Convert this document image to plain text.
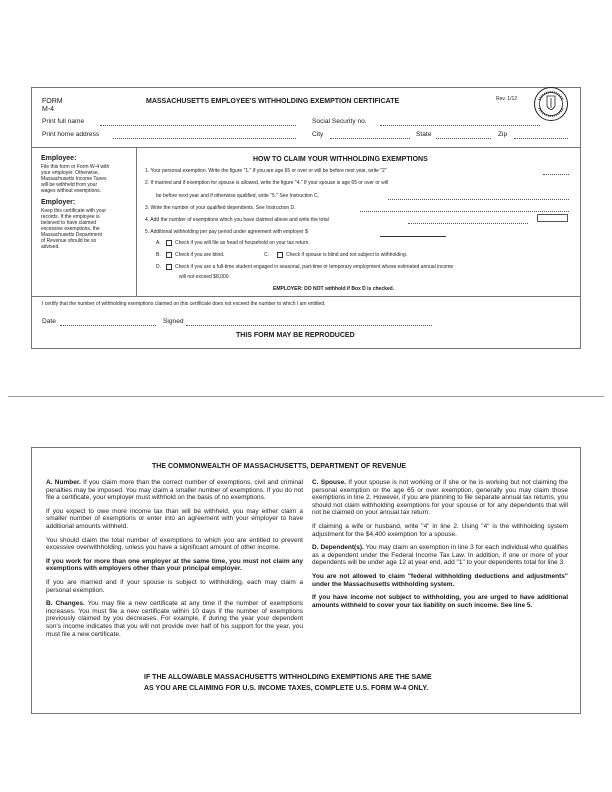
FORM
M-4
MASSACHUSETTS EMPLOYEE'S WITHHOLDING EXEMPTION CERTIFICATE	Rev. 1/12
Print full name	Social Security no.
Print home address	City	State	Zip
Employee:

File this form or Form W-4 with

your employer. Otherwise,

Massachusetts Income Taxes

will be withheld from your

wages without exemptions.

Employer:

Keep this certificate with your

records. If the employee is

believed to have claimed

excessive exemptions, the

Massachusetts Department

of Revenue should be so

advised.

HOW TO CLAIM YOUR WITHHOLDING EXEMPTIONS
1. Your personal exemption. Write the figure "1." If you are age 65 or over or will be before next year, write "2"
2. If married and if exemption for spouse is allowed, write the figure "4." If your spouse is age 65 or over or will
be before next year and if otherwise qualified, write "5." See Instruction C.
3. Write the number of your qualified dependents. See Instruction D.
4. Add the number of exemptions which you have claimed above and write the total
5. Additional withholding per pay period under agreement with employer $
A.	Check if you will file as head of household on your tax return.
B.	Check if you are blind.	C.	Check if spouse is blind and not subject to withholding.
D.	Check if you are a full-time student engaged in seasonal, part-time or temporary employment whose estimated annual income
will not exceed $8,000.
EMPLOYER: DO NOT withhold if Box D is checked.
I certify that the number of withholding exemptions claimed on this certificate does not exceed the number to which I am entitled.
Date	Signed
THIS FORM MAY BE REPRODUCED
THE COMMONWEALTH OF MASSACHUSETTS, DEPARTMENT OF REVENUE

A. Number. If you claim more than the correct number of exemptions, civil and criminal penalties may be imposed. You may claim a smaller number of exemptions. If you do not file a certificate, your employer must withhold on the basis of no exemptions.

If you expect to owe more income tax than will be withheld, you may either claim a smaller number of exemptions or enter into an agreement with your employer to have additional amounts withheld.

You should claim the total number of exemptions to which you are entitled to prevent excessive overwithholding, unless you have a significant amount of other income.

If you work for more than one employer at the same time, you must not claim any exemptions with employers other than your principal employer.

If you are married and if your spouse is subject to withholding, each may claim a personal exemption.

B. Changes. You may file a new certificate at any time if the number of exemptions increases. You must file a new certificate within 10 days if the number of exemptions previously claimed by you decreases. For example, if during the year your dependent son's income indicates that you will not provide over half of his support for the year, you must file a new certificate.

C. Spouse. If your spouse is not working or if she or he is working but not claiming the personal exemption or the age 65 or over exemption, generally you may claim those exemptions in line 2. However, if you are planning to file separate annual tax returns, you should not claim withholding exemptions for your spouse or for any dependents that will not be claimed on your annual tax return.

If claiming a wife or husband, write "4" in line 2. Using "4" is the withholding system adjustment for the $4,400 exemption for a spouse.

D. Dependent(s). You may claim an exemption in line 3 for each individual who qualifies as a dependent under the Federal Income Tax Law. In addition, if one or more of your dependents will be under age 12 at year end, add "1" to your dependents total for line 3.

You are not allowed to claim "federal withholding deductions and adjustments" under the Massachusetts withholding system.

If you have income not subject to withholding, you are urged to have additional amounts withheld to cover your tax liability on such income. See line 5.

IF THE ALLOWABLE MASSACHUSETTS WITHHOLDING EXEMPTIONS ARE THE SAME
AS YOU ARE CLAIMING FOR U.S. INCOME TAXES, COMPLETE U.S. FORM W-4 ONLY.
